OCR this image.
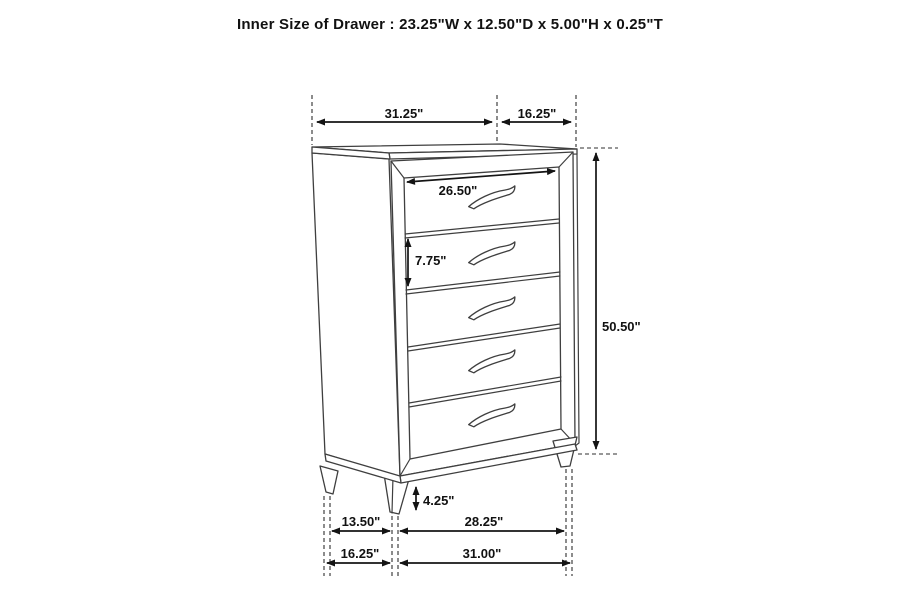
Inner Size of Drawer : 23.25"W x 12.50"D x 5.00"H x 0.25"T
31.25"	16.25"
50.50"
26.50"
7.75"
4.25"
13.50"	28.25"
16.25"	31.00"
